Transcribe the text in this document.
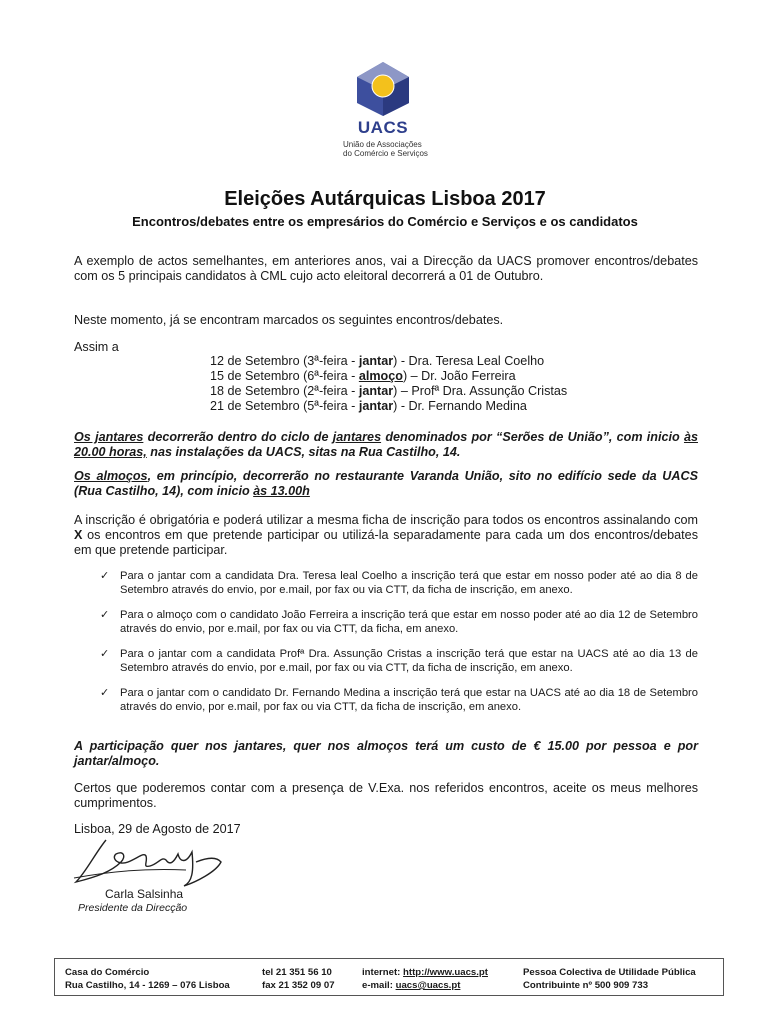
UACS
União de Associações
do Comércio e Serviços
Eleições Autárquicas Lisboa 2017
Encontros/debates entre os empresários do Comércio e Serviços e os candidatos
A exemplo de actos semelhantes, em anteriores anos, vai a Direcção da UACS promover encontros/debates com os 5 principais candidatos à CML cujo acto eleitoral decorrerá a 01 de Outubro.
Neste momento, já se encontram marcados os seguintes encontros/debates.
Assim a
12 de Setembro (3ª-feira - jantar) - Dra. Teresa Leal Coelho
15 de Setembro (6ª-feira - almoço) – Dr. João Ferreira
18 de Setembro (2ª-feira - jantar) – Profª Dra. Assunção Cristas
21 de Setembro (5ª-feira - jantar) - Dr. Fernando Medina
Os jantares decorrerão dentro do ciclo de jantares denominados por “Serões de União”, com inicio às 20.00 horas, nas instalações da UACS, sitas na Rua Castilho, 14.
Os almoços, em princípio, decorrerão no restaurante Varanda União, sito no edifício sede da UACS (Rua Castilho, 14), com inicio às 13.00h
A inscrição é obrigatória e poderá utilizar a mesma ficha de inscrição para todos os encontros assinalando com X os encontros em que pretende participar ou utilizá-la separadamente para cada um dos encontros/debates em que pretende participar.
✓ Para o jantar com a candidata Dra. Teresa leal Coelho a inscrição terá que estar em nosso poder até ao dia 8 de Setembro através do envio, por e.mail, por fax ou via CTT, da ficha de inscrição, em anexo.
✓ Para o almoço com o candidato João Ferreira a inscrição terá que estar em nosso poder até ao dia 12 de Setembro através do envio, por e.mail, por fax ou via CTT, da ficha, em anexo.
✓ Para o jantar com a candidata Profª Dra. Assunção Cristas a inscrição terá que estar na UACS até ao dia 13 de Setembro através do envio, por e.mail, por fax ou via CTT, da ficha de inscrição, em anexo.
✓ Para o jantar com o candidato Dr. Fernando Medina a inscrição terá que estar na UACS até ao dia 18 de Setembro através do envio, por e.mail, por fax ou via CTT, da ficha de inscrição, em anexo.
A participação quer nos jantares, quer nos almoços terá um custo de € 15.00 por pessoa e por jantar/almoço.
Certos que poderemos contar com a presença de V.Exa. nos referidos encontros, aceite os meus melhores cumprimentos.
Lisboa, 29 de Agosto de 2017
Carla Salsinha
Presidente da Direcção
Casa do Comércio
Rua Castilho, 14 - 1269 – 076 Lisboa
tel 21 351 56 10
fax 21 352 09 07
internet: http://www.uacs.pt
e-mail: uacs@uacs.pt
Pessoa Colectiva de Utilidade Pública
Contribuinte nº 500 909 733
